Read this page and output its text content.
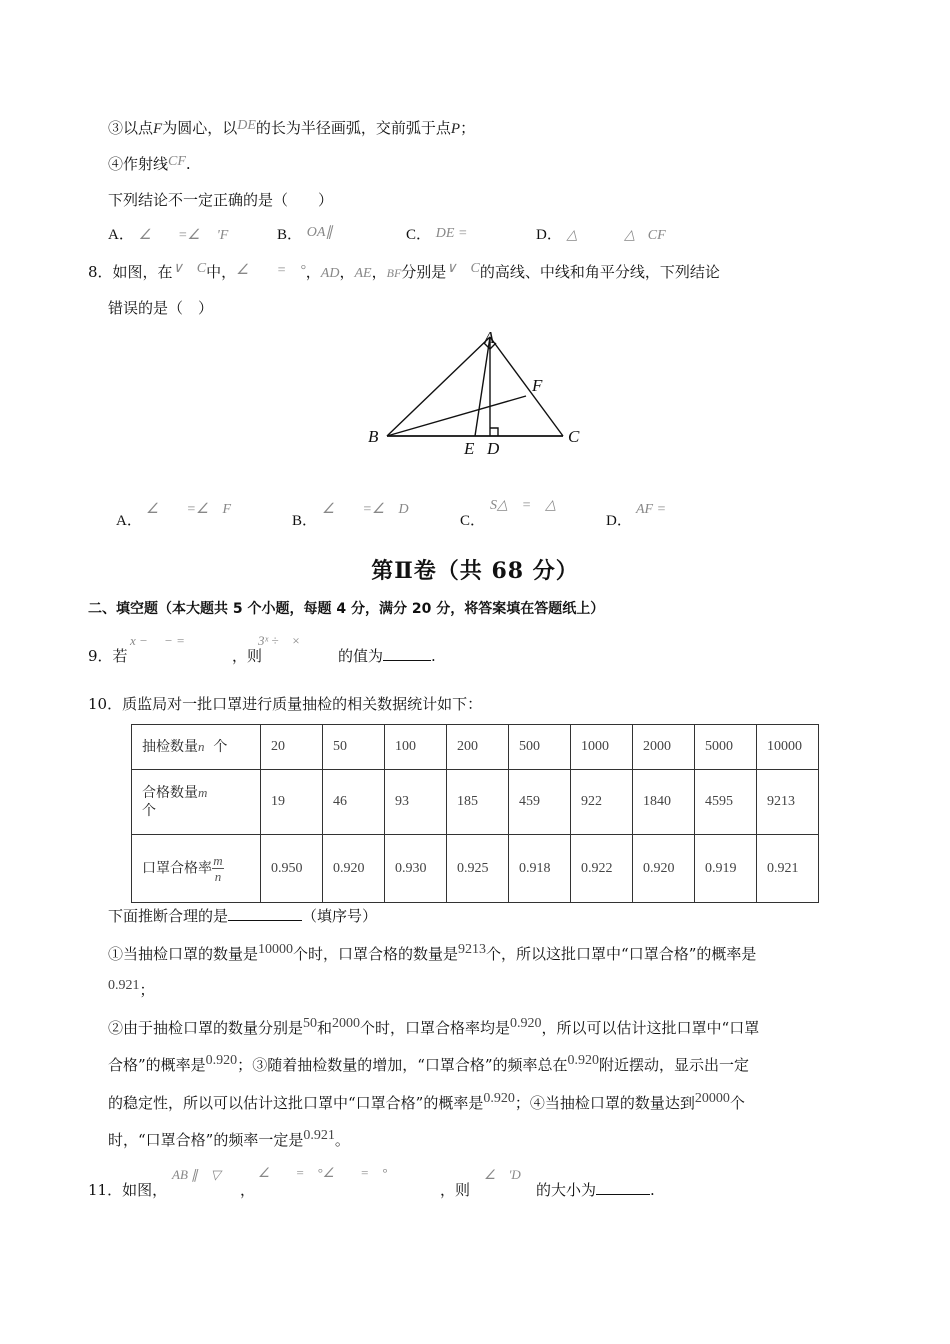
③以点F为圆心，以DE的长为半径画弧，交前弧于点P；
④作射线CF.
下列结论不一定正确的是（　　）
A． ∠ =∠ 'F	B． OA∥	C． DE =	D． △	△ CF
8．如图，在∨　C中，∠　　=　°，AD，AE，BF分别是∨　C的高线、中线和角平分线，下列结论
错误的是（　）
A
B	C
D
E
F
A．
∠　　=∠　F
B．
∠　　=∠　D
C．
S△　=　△
D．
AF =
第Ⅱ卷（共 68 分）
二、填空题（本大题共 5 个小题，每题 4 分，满分 20 分，将答案填在答题纸上）
9．若
x −　 − =
，则
3ˣ ÷　×
的值为	.
10．质监局对一批口罩进行质量抽检的相关数据统计如下：
抽检数量n 个	20	50	100	200	500	1000	2000	5000	10000
合格数量m
个	19	46	93	185	459	922	1840	4595	9213
口罩合格率$\frac{m}{n}$	0.950	0.920	0.930	0.925	0.918	0.922	0.920	0.919	0.921
下面推断合理的是	（填序号）
①当抽检口罩的数量是10000个时，口罩合格的数量是9213个，所以这批口罩中“口罩合格”的概率是
0.921；
②由于抽检口罩的数量分别是50和2000个时，口罩合格率均是0.920，所以可以估计这批口罩中“口罩
合格”的概率是0.920；③随着抽检数量的增加，“口罩合格”的频率总在0.920附近摆动，显示出一定
的稳定性，所以可以估计这批口罩中“口罩合格”的概率是0.920；④当抽检口罩的数量达到20000个
时，“口罩合格”的频率一定是0.921。
11．如图，
AB ∥　▽
，
∠　　=　°∠　　=　°
，则
∠　'D
的大小为	.
